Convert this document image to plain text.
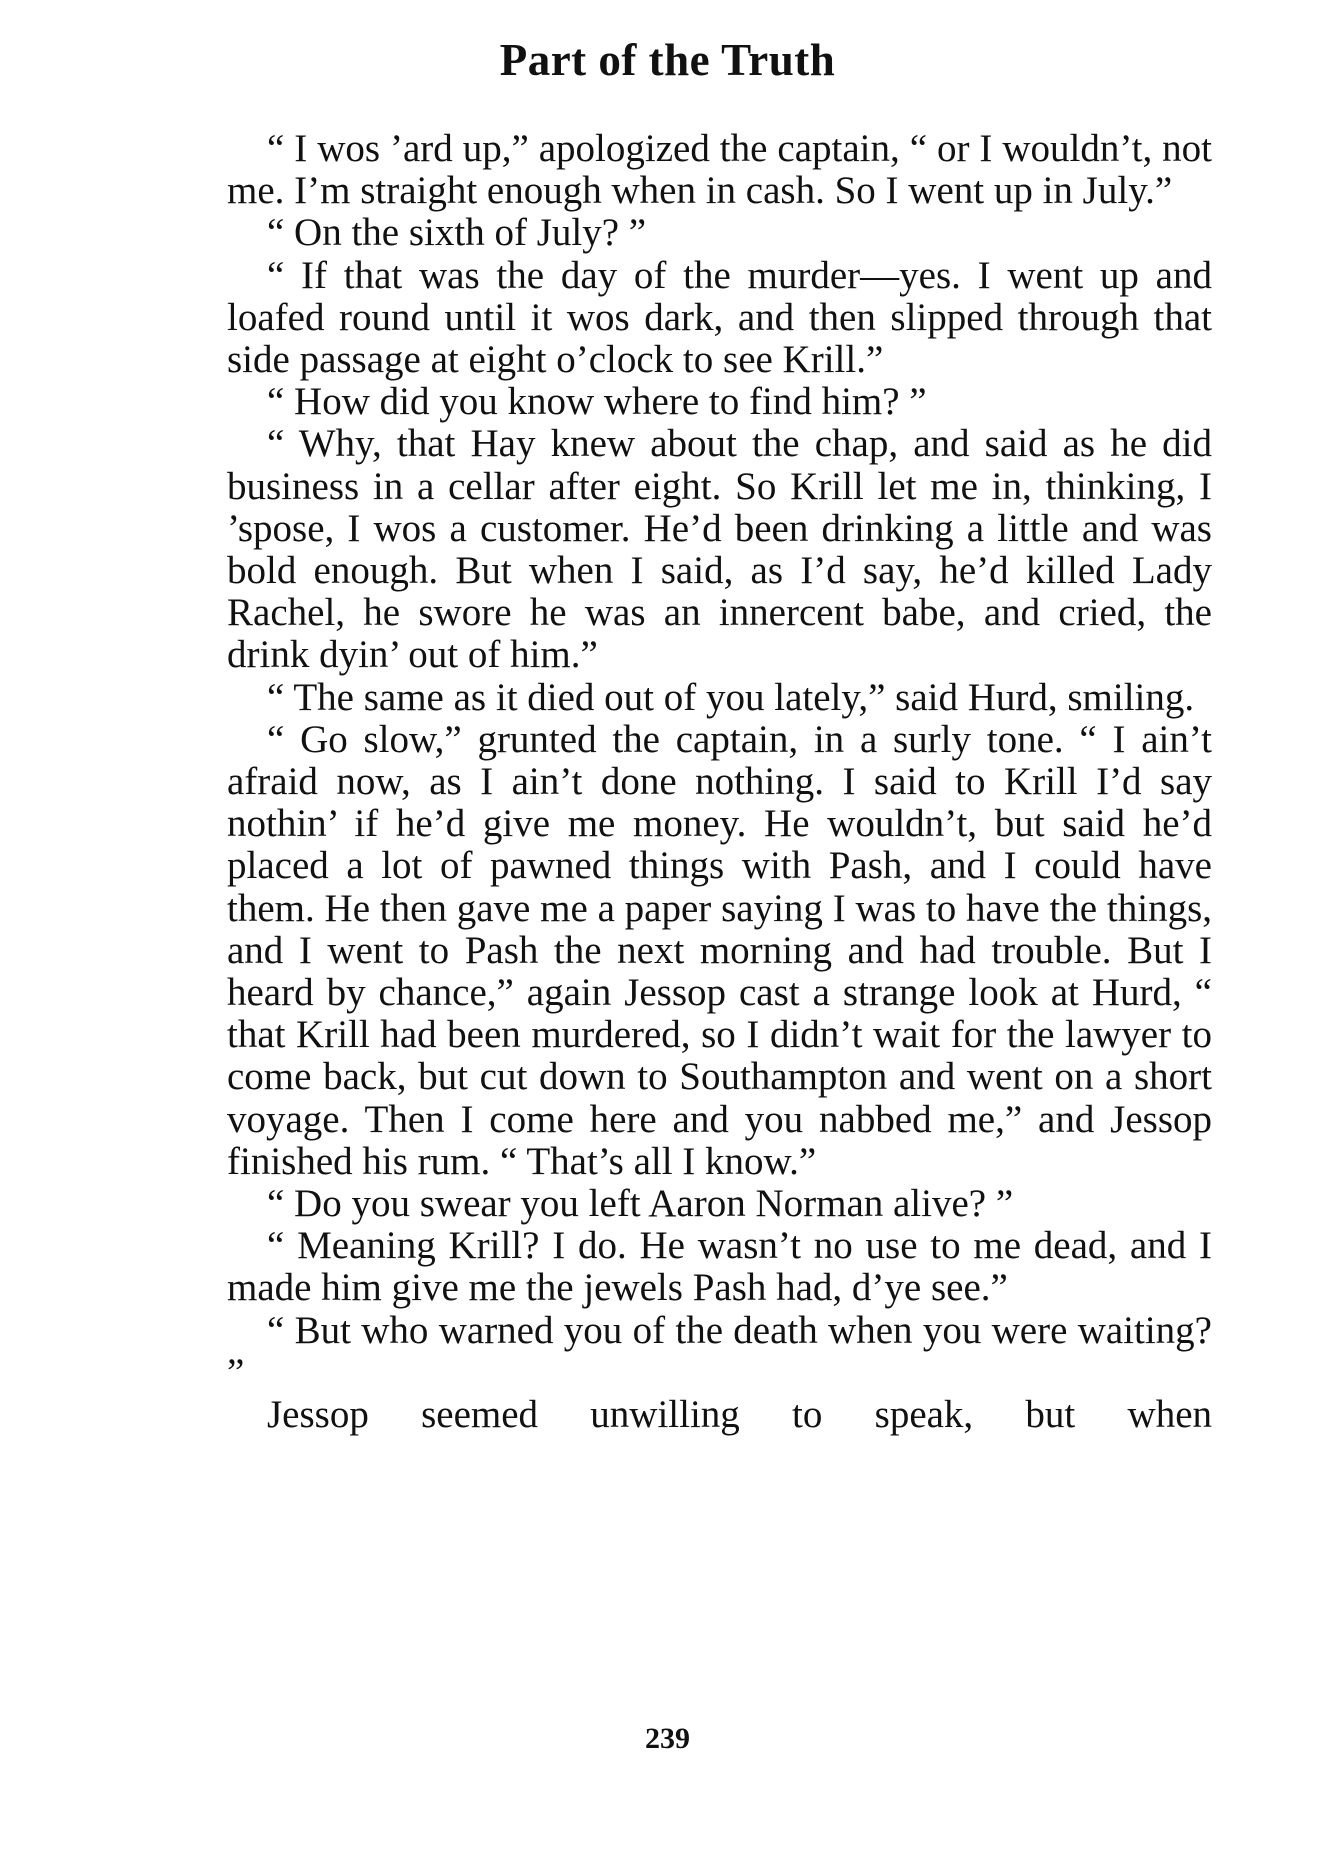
Part of the Truth

“ I wos ’ard up,” apologized the captain, “ or I wouldn’t, not me. I’m straight enough when in cash. So I went up in July.”

“ On the sixth of July? ”

“ If that was the day of the murder—yes. I went up and loafed round until it wos dark, and then slipped through that side passage at eight o’clock to see Krill.”

“ How did you know where to find him? ”

“ Why, that Hay knew about the chap, and said as he did business in a cellar after eight. So Krill let me in, thinking, I ’spose, I wos a customer. He’d been drinking a little and was bold enough. But when I said, as I’d say, he’d killed Lady Rachel, he swore he was an innercent babe, and cried, the drink dyin’ out of him.”

“ The same as it died out of you lately,” said Hurd, smiling.

“ Go slow,” grunted the captain, in a surly tone. “ I ain’t afraid now, as I ain’t done nothing. I said to Krill I’d say nothin’ if he’d give me money. He wouldn’t, but said he’d placed a lot of pawned things with Pash, and I could have them. He then gave me a paper saying I was to have the things, and I went to Pash the next morning and had trouble. But I heard by chance,” again Jessop cast a strange look at Hurd, “ that Krill had been murdered, so I didn’t wait for the lawyer to come back, but cut down to Southampton and went on a short voyage. Then I come here and you nabbed me,” and Jessop finished his rum. “ That’s all I know.”

“ Do you swear you left Aaron Norman alive? ”

“ Meaning Krill? I do. He wasn’t no use to me dead, and I made him give me the jewels Pash had, d’ye see.”

“ But who warned you of the death when you were waiting? ”

Jessop seemed unwilling to speak, but when

239
